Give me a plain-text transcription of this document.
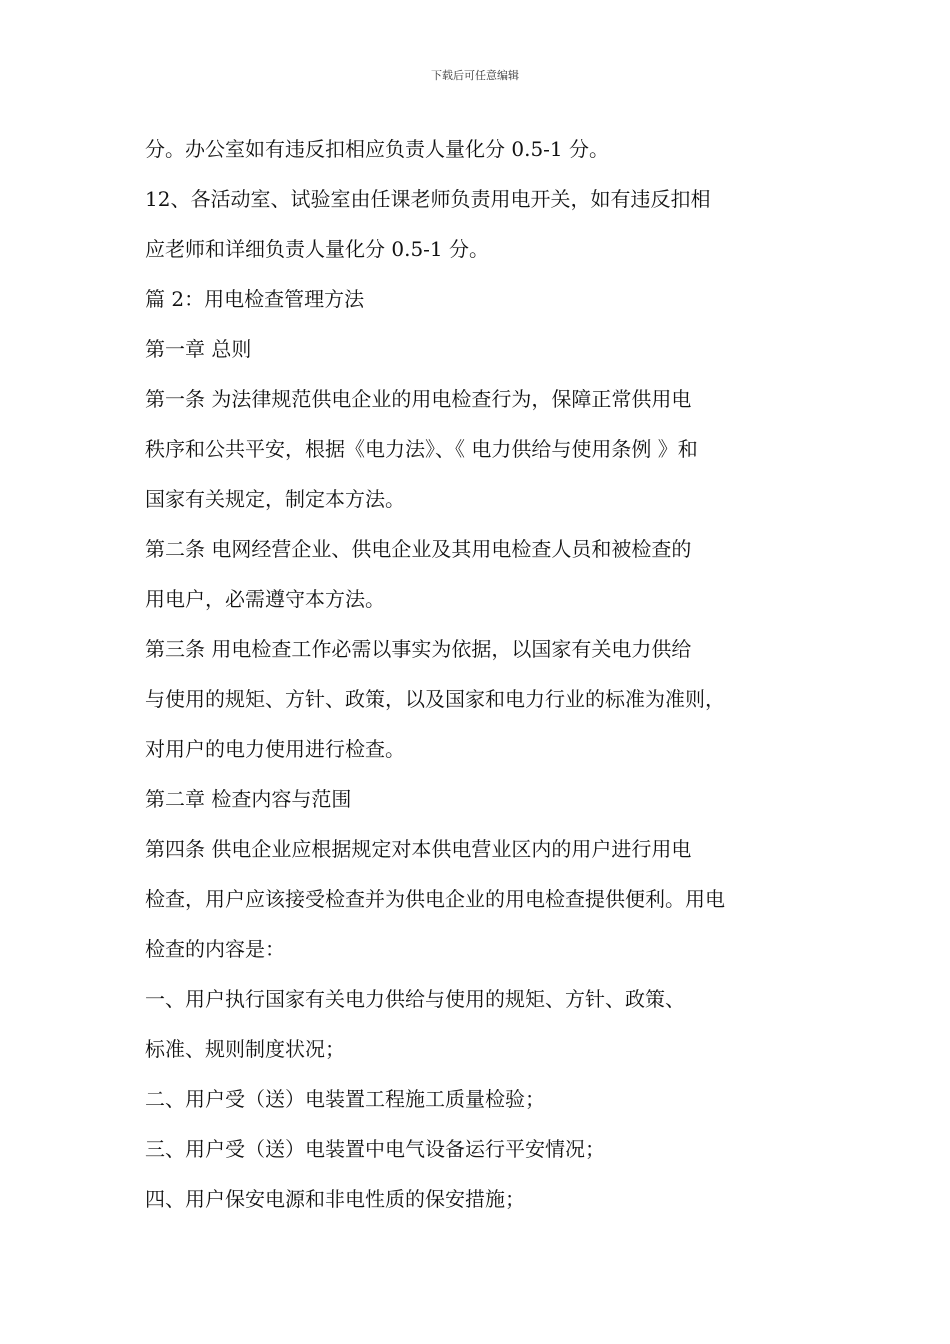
下载后可任意编辑
分。办公室如有违反扣相应负责人量化分 0.5-1 分。
12、各活动室、试验室由任课老师负责用电开关，如有违反扣相
应老师和详细负责人量化分 0.5-1 分。
篇 2：用电检查管理方法
第一章 总则
第一条 为法律规范供电企业的用电检查行为，保障正常供用电
秩序和公共平安，根据《电力法》、《 电力供给与使用条例 》和
国家有关规定，制定本方法。
第二条 电网经营企业、供电企业及其用电检查人员和被检查的
用电户，必需遵守本方法。
第三条 用电检查工作必需以事实为依据，以国家有关电力供给
与使用的规矩、方针、政策，以及国家和电力行业的标准为准则，
对用户的电力使用进行检查。
第二章 检查内容与范围
第四条 供电企业应根据规定对本供电营业区内的用户进行用电
检查，用户应该接受检查并为供电企业的用电检查提供便利。用电
检查的内容是：
一、用户执行国家有关电力供给与使用的规矩、方针、政策、
标准、规则制度状况；
二、用户受（送）电装置工程施工质量检验；
三、用户受（送）电装置中电气设备运行平安情况；
四、用户保安电源和非电性质的保安措施；
